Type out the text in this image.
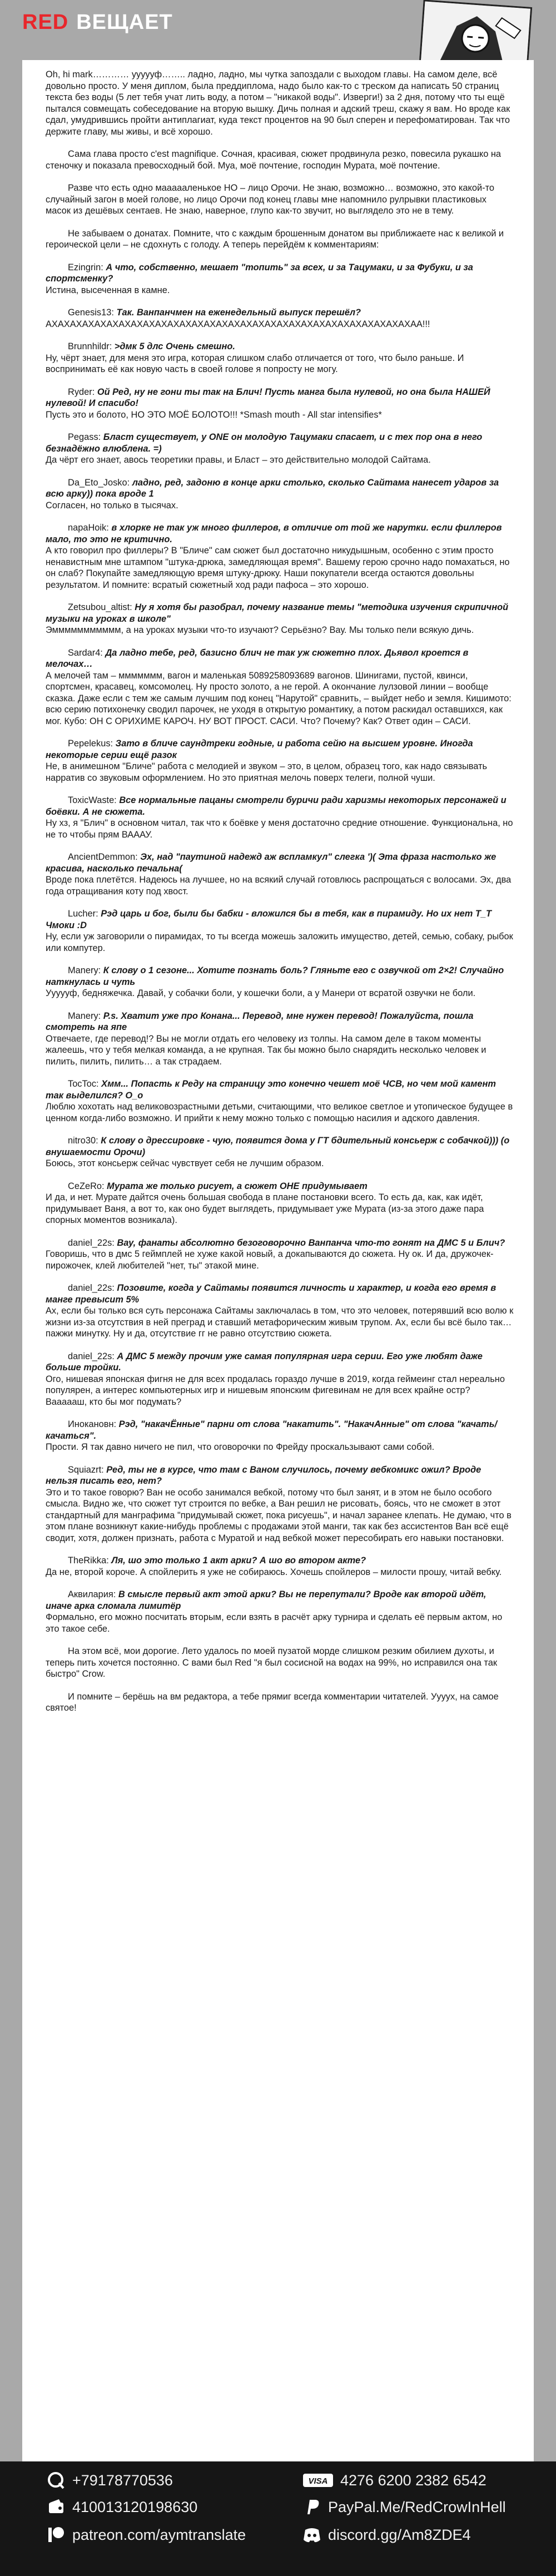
RED ВЕЩАЕТ

Oh, hi mark………… уууууф…….. ладно, ладно, мы чутка запоздали с выходом главы. На самом деле, всё довольно просто. У меня диплом, была преддиплома, надо было как-то с треском да написать 50 страниц текста без воды (5 лет тебя учат лить воду, а потом – "никакой воды". Изверги!) за 2 дня, потому что ты ещё пытался совмещать собеседование на вторую вышку. Дичь полная и адский треш, скажу я вам. Но вроде как сдал, умудрившись пройти антиплагиат, куда текст процентов на 90 был сперен и перефоматирован. Так что держите главу, мы живы, и всё хорошо.

Сама глава просто c'est magnifique. Сочная, красивая, сюжет продвинула резко, повесила рукашко на стеночку и показала превосходный бой. Муа, моё почтение, господин Мурата, моё почтение.

Разве что есть одно маааааленькое НО – лицо Орочи. Не знаю, возможно… возможно, это какой-то случайный загон в моей голове, но лицо Орочи под конец главы мне напомнило рулрывки пластиковых масок из дешёвых сентаев. Не знаю, наверное, глупо как-то звучит, но выглядело это не в тему.

Не забываем о донатах. Помните, что с каждым брошенным донатом вы приближаете нас к великой и героической цели – не сдохнуть с голоду. А теперь перейдём к комментариям:

Ezingrin: А что, собственно, мешает "топить" за всех, и за Тацумаки, и за Фубуки, и за спортсменку?
Истина, высеченная в камне.
Genesis13: Так. Ванпанчмен на еженедельный выпуск перешёл?
АХАХАХАХАХАХАХАХАХАХАХАХАХАХАХАХАХАХАХАХАХАХАХАХАХАХАХАХАХАХАА!!!
Brunnhildr: >дмк 5 длс Очень смешно.
Ну, чёрт знает, для меня это игра, которая слишком слабо отличается от того, что было раньше. И воспринимать её как новую часть в своей голове я попросту не могу.
Ryder: Ой Ред, ну не гони ты так на Блич! Пусть манга была нулевой, но она была НАШЕЙ нулевой! И спасибо!
Пусть это и болото, НО ЭТО МОЁ БОЛОТО!!! *Smash mouth - All star intensifies*
Pegass: Бласт существует, у ONE он молодую Тацумаки спасает, и с тех пор она в него безнадёжно влюблена. =)
Да чёрт его знает, авось теоретики правы, и Бласт – это действительно молодой Сайтама.
Da_Eto_Josko: ладно, ред, задоню в конце арки столько, сколько Сайтама нанесет ударов за всю арку)) пока вроде 1
Согласен, но только в тысячах.
napaHoik: в хлорке не так уж много филлеров, в отличие от той же нарутки. если филлеров мало, то это не критично.
А кто говорил про филлеры? В "Бличе" сам сюжет был достаточно никудышным, особенно с этим просто ненавистным мне штампом "штука-дрюка, замедляющая время". Вашему герою срочно надо помахаться, но он слаб? Покупайте замедляющую время штуку-дрюку. Наши покупатели всегда остаются довольны результатом. И помните: всратый сюжетный ход ради пафоса – это хорошо.
Zetsubou_altist: Ну я хотя бы разобрал, почему название темы "методика изучения скрипичной музыки на уроках в школе"
Эммммммммммм, а на уроках музыки что-то изучают? Серьёзно? Вау. Мы только пели всякую дичь.
Sardar4: Да ладно тебе, ред, базисно блич не так уж сюжетно плох. Дьявол кроется в мелочах…
А мелочей там – ммммммм, вагон и маленькая 5089258093689 вагонов. Шинигами, пустой, квинси, спортсмен, красавец, комсомолец. Ну просто золото, а не герой. А окончание лулзовой линии – вообще сказка. Даже если с тем же самым лучшим под конец "Нарутой" сравнить, – выйдет небо и земля. Кишимото: всю серию потихонечку сводил парочек, не уходя в открытую романтику, а потом раскидал оставшихся, как мог. Кубо: ОН С ОРИХИМЕ КАРОЧ. НУ ВОТ ПРОСТ. САСИ. Что? Почему? Как? Ответ один – САСИ.
Pepelekus: Зато в бличе саундтреки годные, и работа сейю на высшем уровне. Иногда некоторые серии ещё разок
Не, в анимешном "Бличе" работа с мелодией и звуком – это, в целом, образец того, как надо связывать нарратив со звуковым оформлением. Но это приятная мелочь поверх телеги, полной чуши.
ToxicWaste: Все нормальные пацаны смотрели буричи ради харизмы некоторых персонажей и боёвки. А не сюжета.
Ну хз, я "Блич" в основном читал, так что к боёвке у меня достаточно средние отношение. Функциональна, но не то чтобы прям ВАААУ.
AncientDemmon: Эх, над "паутиной надежд аж вспламкул" слегка ')( Эта фраза настолько же красива, насколько печальна(
Вроде пока плетётся. Надеюсь на лучшее, но на всякий случай готовлюсь распрощаться с волосами. Эх, два года отращивания коту под хвост.
Lucher: Рэд царь и бог, были бы бабки - вложился бы в тебя, как в пирамиду. Но их нет T_T Чмоки :D
Ну, если уж заговорили о пирамидах, то ты всегда можешь заложить имущество, детей, семью, собаку, рыбок или компутер.
Manery: К слову о 1 сезоне... Хотите познать боль? Гляньте его с озвучкой от 2×2! Случайно наткнулась и чуть
Уууууф, бедняжечка. Давай, у собачки боли, у кошечки боли, а у Манери от всратой озвучки не боли.
Manery: P.s. Хватит уже про Конана... Перевод, мне нужен перевод! Пожалуйста, пошла смотреть на япе
Отвечаете, где перевод!? Вы не могли отдать его человеку из толпы. На самом деле в таком моменты жалеешь, что у тебя мелкая команда, а не крупная. Так бы можно было снарядить несколько человек и пилить, пилить, пилить… а так страдаем.
TocToc: Хмм... Попасть к Реду на страницу это конечно чешет моё ЧСВ, но чем мой камент так выделился? O_o
Люблю хохотать над великовозрастными детьми, считающими, что великое светлое и утопическое будущее в ценном когда-либо возможно. И прийти к нему можно только с помощью насилия и адского давления.
nitro30: К слову о дрессировке - чую, появится дома у ГТ бдительный консьерж с собачкой))) (о внушаемости Орочи)
Боюсь, этот консьерж сейчас чувствует себя не лучшим образом.
CeZeRo: Мурата же только рисует, а сюжет ОНЕ придумывает
И да, и нет. Мурате дайтся очень большая свобода в плане постановки всего. То есть да, как, как идёт, придумывает Ваня, а вот то, как оно будет выглядеть, придумывает уже Мурата (из-за этого даже пара спорных моментов возникала).
daniel_22s: Вау, фанаты абсолютно безоговорочно Ванпанча что-то гонят на ДМС 5 и Блич?
Говоришь, что в дмс 5 геймплей не хуже какой новый, а докапываются до сюжета. Ну ок. И да, дружочек-пирожочек, клей любителей "нет, ты" этакой мине.
daniel_22s: Позовите, когда у Сайтамы появится личность и характер, и когда его время в манге превысит 5%
Ах, если бы только вся суть персонажа Сайтамы заключалась в том, что это человек, потерявший всю волю к жизни из-за отсутствия в ней преград и ставший метафорическим живым трупом. Ах, если бы всё было так… пажжи минутку. Ну и да, отсутствие гг не равно отсутствию сюжета.
daniel_22s: А ДМС 5 между прочим уже самая популярная игра серии. Его уже любят даже больше тройки.
Ого, нишевая японская фигня не для всех продалась гораздо лучше в 2019, когда геймеинг стал нереально популярен, а интерес компьютерных игр и нишевым японским фигевинам не для всех крайне остр? Ваааааш, кто бы мог подумать?
Инокановн: Рэд, "накачЁнные" парни от слова "накатить". "НакачАнные" от слова "качать/качаться".
Прости. Я так давно ничего не пил, что оговорочки по Фрейду проскальзывают сами собой.
Squiazrt: Ред, ты не в курсе, что там с Ваном случилось, почему вебкомикс ожил? Вроде нельзя писать его, нет?
Это и то такое говорю? Ван не особо занимался вебкой, потому что был занят, и в этом не было особого смысла. Видно же, что сюжет тут строится по вебке, а Ван решил не рисовать, боясь, что не сможет в этот стандартный для манграфима "придумывай сюжет, пока рисуешь", и начал заранее клепать. Не думаю, что в этом плане возникнут какие-нибудь проблемы с продажами этой манги, так как без ассистентов Ван всё ещё сводит, хотя, должен признать, работа с Муратой и над вебкой может пересобирать его навыки постановки.
TheRikka: Ля, шо это только 1 акт арки? А шо во втором акте?
Да не, второй короче. А спойлерить я уже не собираюсь. Хочешь спойлеров – милости прошу, читай вебку.
Аквилария: В смысле первый акт этой арки? Вы не перепутали? Вроде как второй идёт, иначе арка сломала лимитёр
Формально, его можно посчитать вторым, если взять в расчёт арку турнира и сделать её первым актом, но это такое себе.

На этом всё, мои дорогие. Лето удалось по моей пузатой морде слишком резким обилием духоты, и теперь пить хочется постоянно. С вами был Red "я был сосисной на водах на 99%, но исправился она так быстро" Crow.

И помните – берёшь на вм редактора, а тебе прямиг всегда комментарии читателей. Уууух, на самое святое!

+79178770536	VISA 4276 6200 2382 6542
410013120198630	PayPal.Me/RedCrowInHell
patreon.com/aymtranslate	discord.gg/Am8ZDE4
